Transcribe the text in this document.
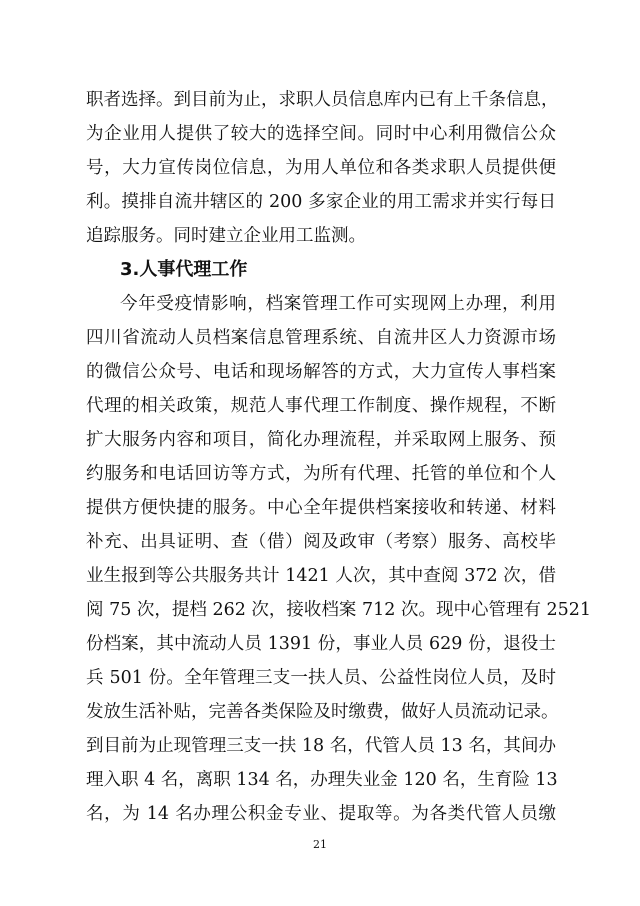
职者选择。到目前为止，求职人员信息库内已有上千条信息，
为企业用人提供了较大的选择空间。同时中心利用微信公众
号，大力宣传岗位信息，为用人单位和各类求职人员提供便
利。摸排自流井辖区的 200 多家企业的用工需求并实行每日
追踪服务。同时建立企业用工监测。
3.人事代理工作
今年受疫情影响，档案管理工作可实现网上办理，利用
四川省流动人员档案信息管理系统、自流井区人力资源市场
的微信公众号、电话和现场解答的方式，大力宣传人事档案
代理的相关政策，规范人事代理工作制度、操作规程，不断
扩大服务内容和项目，简化办理流程，并采取网上服务、预
约服务和电话回访等方式，为所有代理、托管的单位和个人
提供方便快捷的服务。中心全年提供档案接收和转递、材料
补充、出具证明、查（借）阅及政审（考察）服务、高校毕
业生报到等公共服务共计 1421 人次，其中查阅 372 次，借
阅 75 次，提档 262 次，接收档案 712 次。现中心管理有 2521
份档案，其中流动人员 1391 份，事业人员 629 份，退役士
兵 501 份。全年管理三支一扶人员、公益性岗位人员，及时
发放生活补贴，完善各类保险及时缴费，做好人员流动记录。
到目前为止现管理三支一扶 18 名，代管人员 13 名，其间办
理入职 4 名，离职 134 名，办理失业金 120 名，生育险 13
名，为 14 名办理公积金专业、提取等。为各类代管人员缴
21
